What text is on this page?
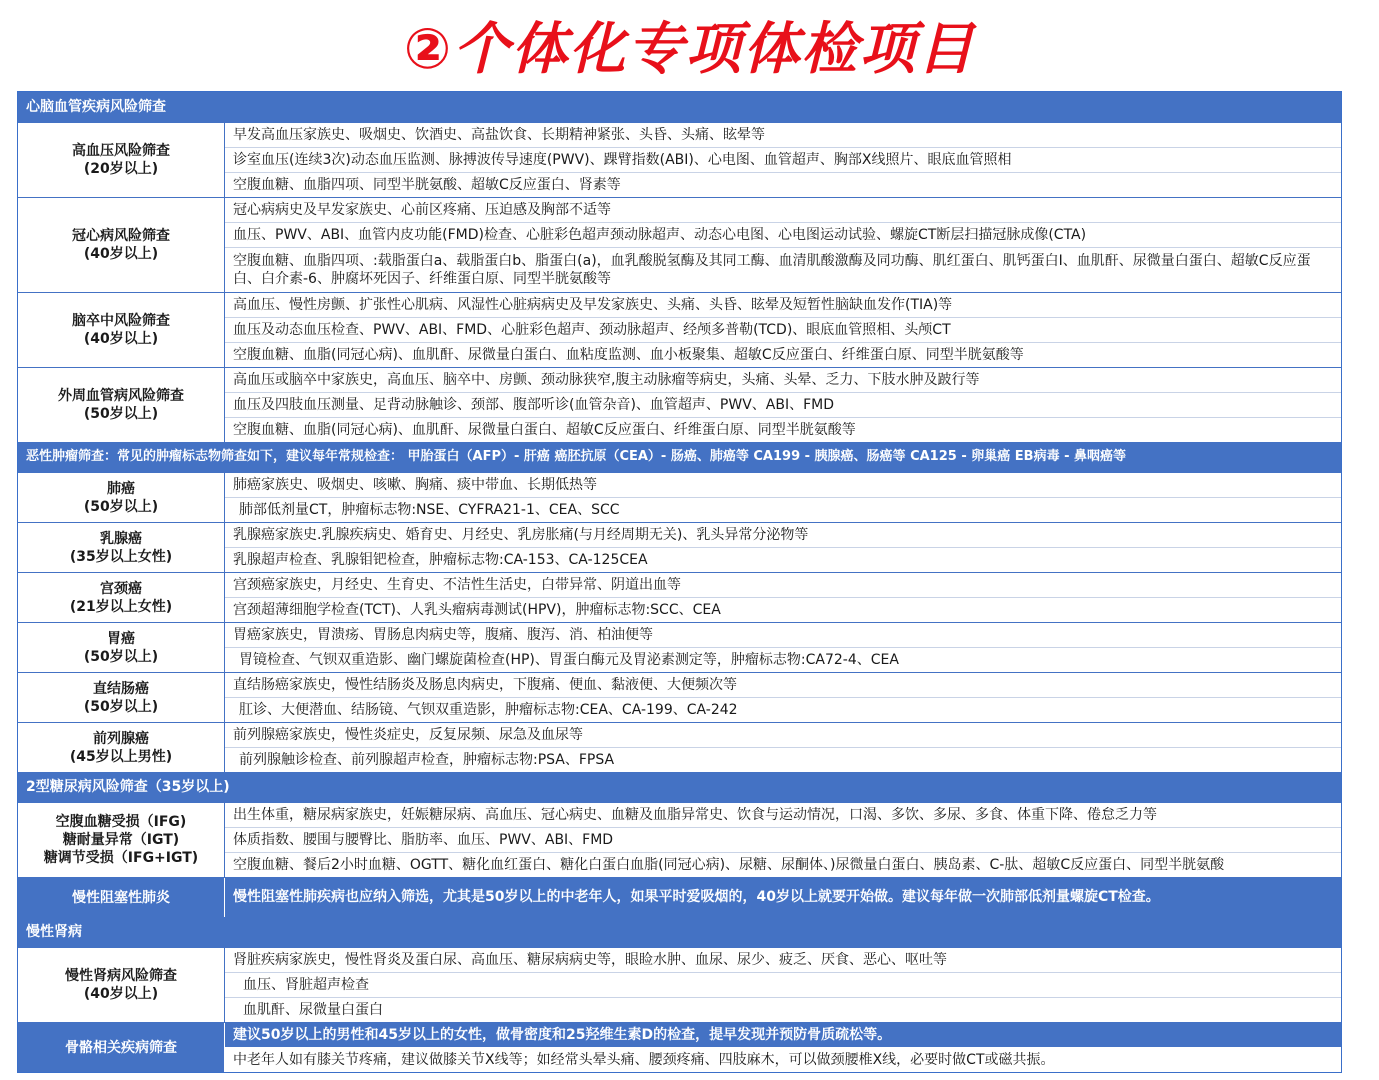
②个体化专项体检项目
心脑血管疾病风险筛查
高血压风险筛查
(20岁以上)
早发高血压家族史、吸烟史、饮酒史、高盐饮食、长期精神紧张、头昏、头痛、眩晕等
诊室血压(连续3次)动态血压监测、脉搏波传导速度(PWV)、踝臂指数(ABI)、心电图、血管超声、胸部X线照片、眼底血管照相
空腹血糖、血脂四项、同型半胱氨酸、超敏C反应蛋白、肾素等
冠心病风险筛查
(40岁以上)
冠心病病史及早发家族史、心前区疼痛、压迫感及胸部不适等
血压、PWV、ABI、血管内皮功能(FMD)检查、心脏彩色超声颈动脉超声、动态心电图、心电图运动试验、螺旋CT断层扫描冠脉成像(CTA)
空腹血糖、血脂四项、:载脂蛋白a、载脂蛋白b、脂蛋白(a)，血乳酸脱氢酶及其同工酶、血清肌酸激酶及同功酶、肌红蛋白、肌钙蛋白I、血肌酐、尿微量白蛋白、超敏C反应蛋白、白介素-6、肿腐坏死因子、纤维蛋白原、同型半胱氨酸等
脑卒中风险筛查
(40岁以上)
高血压、慢性房颤、扩张性心肌病、风湿性心脏病病史及早发家族史、头痛、头昏、眩晕及短暂性脑缺血发作(TIA)等
血压及动态血压检查、PWV、ABI、FMD、心脏彩色超声、颈动脉超声、经颅多普勒(TCD)、眼底血管照相、头颅CT
空腹血糖、血脂(同冠心病)、血肌酐、尿微量白蛋白、血粘度监测、血小板聚集、超敏C反应蛋白、纤维蛋白原、同型半胱氨酸等
外周血管病风险筛查
(50岁以上)
高血压或脑卒中家族史，高血压、脑卒中、房颤、颈动脉狭窄,腹主动脉瘤等病史，头痛、头晕、乏力、下肢水肿及跛行等
血压及四肢血压测量、足背动脉触诊、颈部、腹部听诊(血管杂音)、血管超声、PWV、ABI、FMD
空腹血糖、血脂(同冠心病)、血肌酐、尿微量白蛋白、超敏C反应蛋白、纤维蛋白原、同型半胱氨酸等
恶性肿瘤筛查：常见的肿瘤标志物筛查如下，建议每年常规检查： 甲胎蛋白（AFP）- 肝癌 癌胚抗原（CEA）- 肠癌、肺癌等 CA199 - 胰腺癌、肠癌等 CA125 - 卵巢癌 EB病毒 - 鼻咽癌等
肺癌
(50岁以上)
肺癌家族史、吸烟史、咳嗽、胸痛、痰中带血、长期低热等
肺部低剂量CT，肿瘤标志物:NSE、CYFRA21-1、CEA、SCC
乳腺癌
(35岁以上女性)
乳腺癌家族史.乳腺疾病史、婚育史、月经史、乳房胀痛(与月经周期无关)、乳头异常分泌物等
乳腺超声检查、乳腺钼钯检查，肿瘤标志物:CA-153、CA-125CEA
宫颈癌
(21岁以上女性)
宫颈癌家族史，月经史、生育史、不洁性生活史，白带异常、阴道出血等
宫颈超薄细胞学检查(TCT)、人乳头瘤病毒测试(HPV)，肿瘤标志物:SCC、CEA
胃癌
(50岁以上)
胃癌家族史，胃溃疡、胃肠息肉病史等，腹痛、腹泻、消、柏油便等
胃镜检查、气钡双重造影、幽门螺旋菌检查(HP)、胃蛋白酶元及胃泌素测定等，肿瘤标志物:CA72-4、CEA
直结肠癌
(50岁以上)
直结肠癌家族史，慢性结肠炎及肠息肉病史，下腹痛、便血、黏液便、大便频次等
肛诊、大便潜血、结肠镜、气钡双重造影，肿瘤标志物:CEA、CA-199、CA-242
前列腺癌
(45岁以上男性)
前列腺癌家族史，慢性炎症史，反复尿频、尿急及血尿等
前列腺触诊检查、前列腺超声检查，肿瘤标志物:PSA、FPSA
2型糖尿病风险筛查（35岁以上)
空腹血糖受损（IFG)
糖耐量异常（IGT)
糖调节受损（IFG+IGT)
出生体重，糖尿病家族史，妊娠糖尿病、高血压、冠心病史、血糖及血脂异常史、饮食与运动情况，口渴、多饮、多尿、多食、体重下降、倦怠乏力等
体质指数、腰围与腰臀比、脂肪率、血压、PWV、ABI、FMD
空腹血糖、餐后2小时血糖、OGTT、糖化血红蛋白、糖化白蛋白血脂(同冠心病)、尿糖、尿酮体、)尿微量白蛋白、胰岛素、C-肽、超敏C反应蛋白、同型半胱氨酸
慢性阻塞性肺炎	慢性阻塞性肺疾病也应纳入筛选，尤其是50岁以上的中老年人，如果平时爱吸烟的，40岁以上就要开始做。建议每年做一次肺部低剂量螺旋CT检查。
慢性肾病
慢性肾病风险筛查
(40岁以上)
肾脏疾病家族史，慢性肾炎及蛋白尿、高血压、糖尿病病史等，眼睑水肿、血尿、尿少、疲乏、厌食、恶心、呕吐等
血压、肾脏超声检查
血肌酐、尿微量白蛋白
骨骼相关疾病筛查
建议50岁以上的男性和45岁以上的女性，做骨密度和25羟维生素D的检查，提早发现并预防骨质疏松等。
中老年人如有膝关节疼痛，建议做膝关节X线等；如经常头晕头痛、腰颈疼痛、四肢麻木，可以做颈腰椎X线，必要时做CT或磁共振。
